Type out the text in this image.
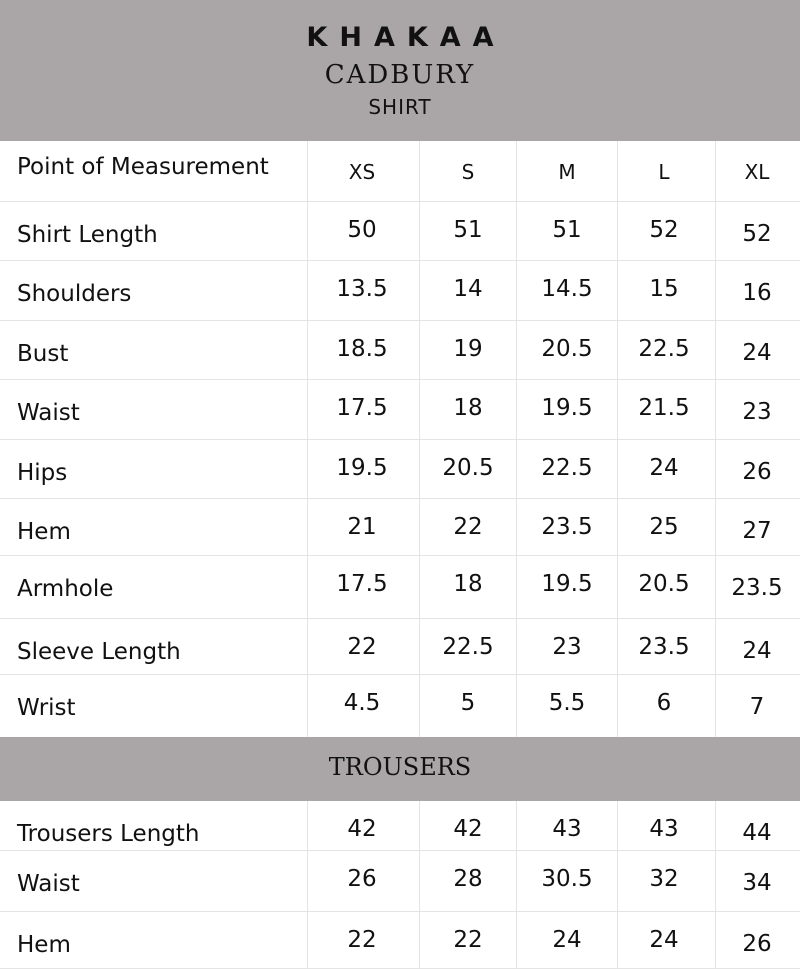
KHAKAA
CADBURY
SHIRT
Point of Measurement	XS	S	M	L	XL
Shirt Length	50	51	51	52	52
Shoulders	13.5	14	14.5	15	16
Bust	18.5	19	20.5	22.5	24
Waist	17.5	18	19.5	21.5	23
Hips	19.5	20.5	22.5	24	26
Hem	21	22	23.5	25	27
Armhole	17.5	18	19.5	20.5	23.5
Sleeve Length	22	22.5	23	23.5	24
Wrist	4.5	5	5.5	6	7
Trousers Length	42	42	43	43	44
Waist	26	28	30.5	32	34
Hem	22	22	24	24	26
TROUSERS
